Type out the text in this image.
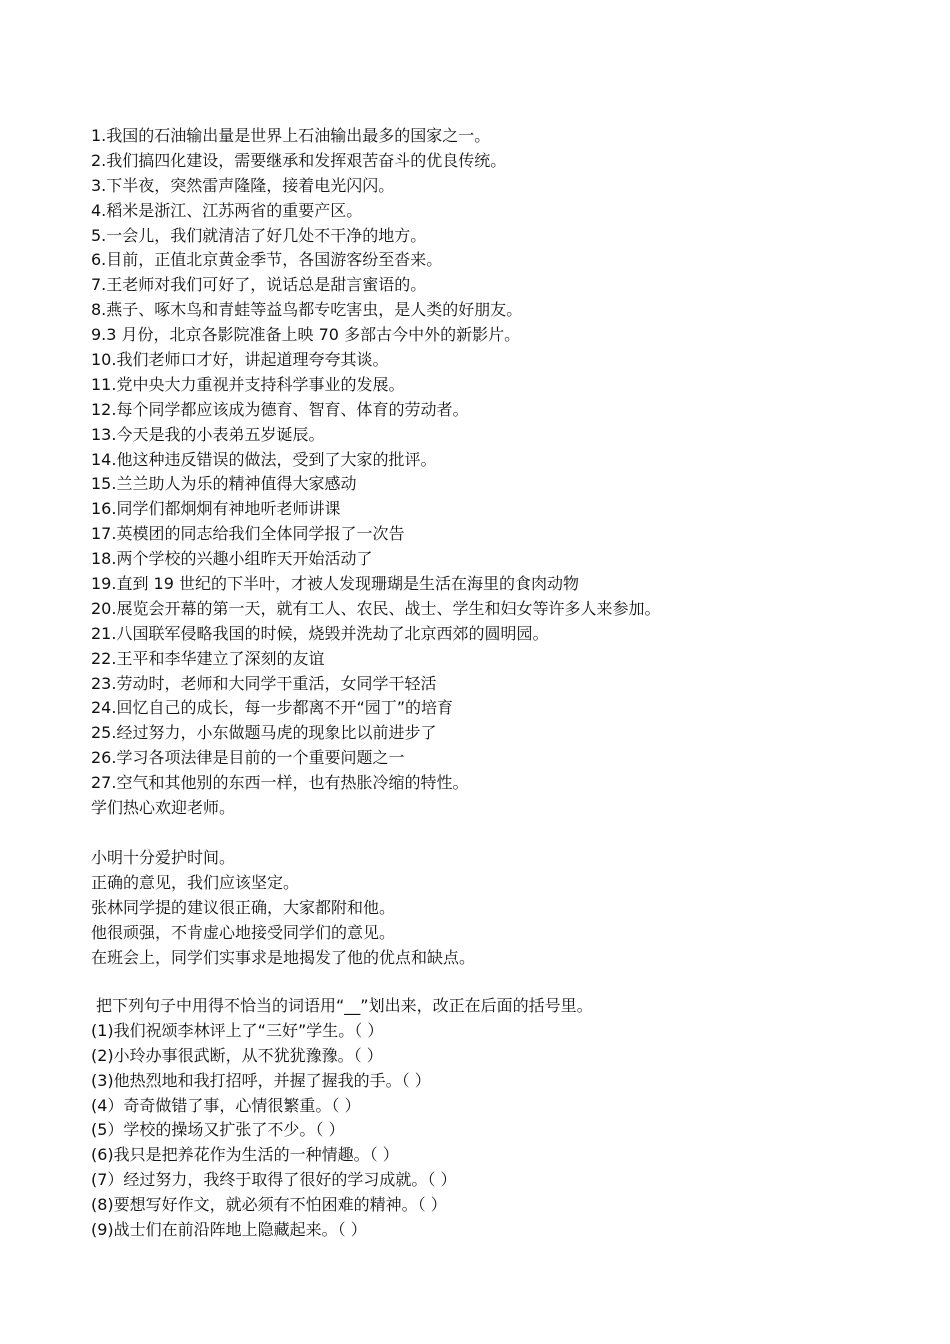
1.我国的石油输出量是世界上石油输出最多的国家之一。
2.我们搞四化建设，需要继承和发挥艰苦奋斗的优良传统。
3.下半夜，突然雷声隆隆，接着电光闪闪。
4.稻米是浙江、江苏两省的重要产区。
5.一会儿，我们就清洁了好几处不干净的地方。
6.目前，正值北京黄金季节，各国游客纷至沓来。
7.王老师对我们可好了，说话总是甜言蜜语的。
8.燕子、啄木鸟和青蛙等益鸟都专吃害虫，是人类的好朋友。
9.3 月份，北京各影院准备上映 70 多部古今中外的新影片。
10.我们老师口才好，讲起道理夸夸其谈。
11.党中央大力重视并支持科学事业的发展。
12.每个同学都应该成为德育、智育、体育的劳动者。
13.今天是我的小表弟五岁诞辰。
14.他这种违反错误的做法，受到了大家的批评。
15.兰兰助人为乐的精神值得大家感动
16.同学们都炯炯有神地听老师讲课
17.英模团的同志给我们全体同学报了一次告
18.两个学校的兴趣小组昨天开始活动了
19.直到 19 世纪的下半叶，才被人发现珊瑚是生活在海里的食肉动物
20.展览会开幕的第一天，就有工人、农民、战士、学生和妇女等许多人来参加。
21.八国联军侵略我国的时候，烧毁并洗劫了北京西郊的圆明园。
22.王平和李华建立了深刻的友谊
23.劳动时，老师和大同学干重活，女同学干轻活
24.回忆自己的成长，每一步都离不开“园丁”的培育
25.经过努力，小东做题马虎的现象比以前进步了
26.学习各项法律是目前的一个重要问题之一
27.空气和其他别的东西一样，也有热胀冷缩的特性。
学们热心欢迎老师。
小明十分爱护时间。
正确的意见，我们应该坚定。
张林同学提的建议很正确，大家都附和他。
他很顽强，不肯虚心地接受同学们的意见。
在班会上，同学们实事求是地揭发了他的优点和缺点。
把下列句子中用得不恰当的词语用“__”划出来，改正在后面的括号里。
(1)我们祝颂李林评上了“三好”学生。（ ）
(2)小玲办事很武断，从不犹犹豫豫。（ ）
(3)他热烈地和我打招呼，并握了握我的手。（ ）
(4）奇奇做错了事，心情很繁重。（ ）
(5）学校的操场又扩张了不少。（ ）
(6)我只是把养花作为生活的一种情趣。（ ）
(7）经过努力，我终于取得了很好的学习成就。（ ）
(8)要想写好作文，就必须有不怕困难的精神。（ ）
(9)战士们在前沿阵地上隐藏起来。（ ）
